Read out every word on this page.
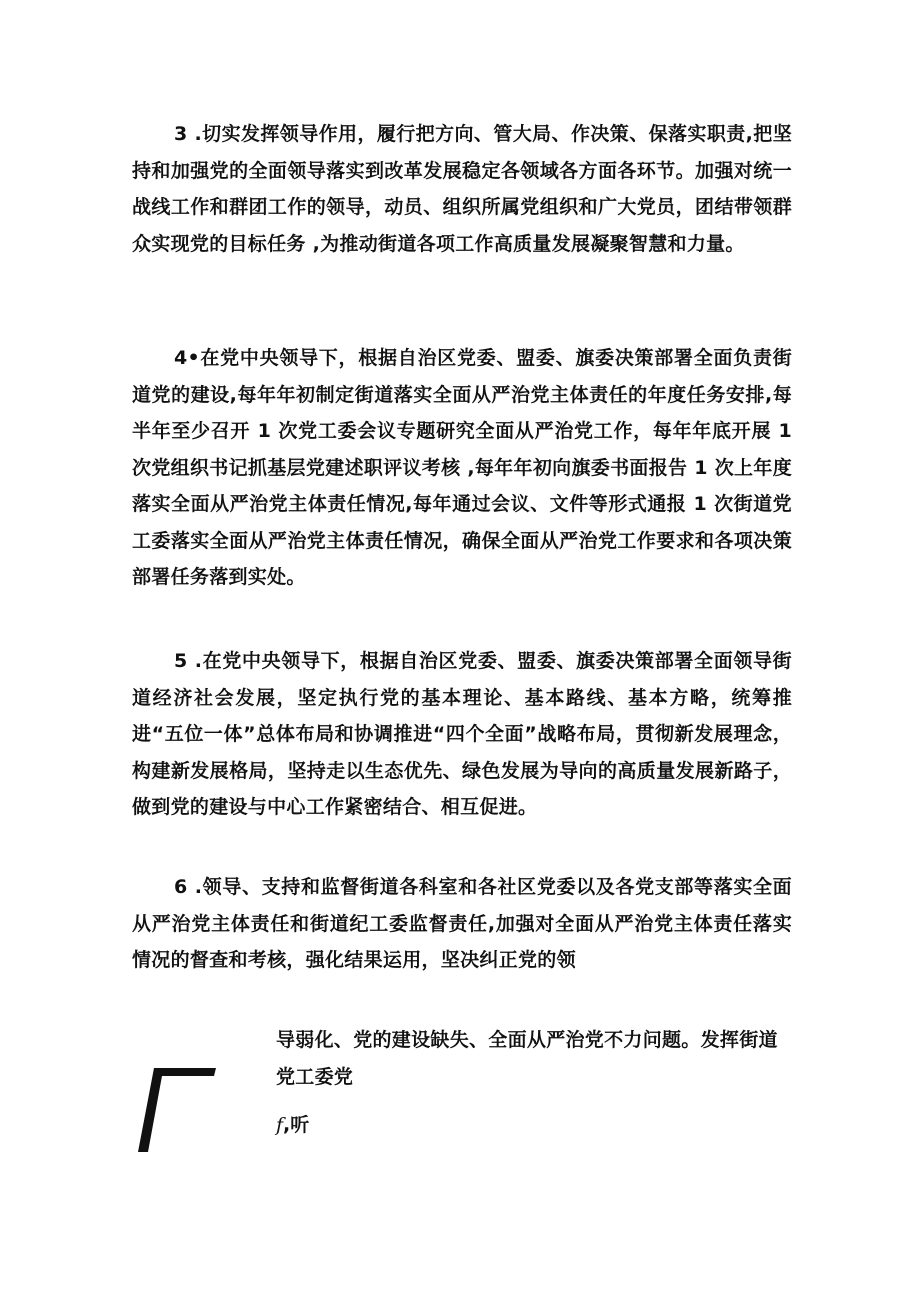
3 .切实发挥领导作用，履行把方向、管大局、作决策、保落实职责,把坚持和加强党的全面领导落实到改革发展稳定各领域各方面各环节。加强对统一战线工作和群团工作的领导，动员、组织所属党组织和广大党员，团结带领群众实现党的目标任务 ,为推动街道各项工作高质量发展凝聚智慧和力量。

4•在党中央领导下，根据自治区党委、盟委、旗委决策部署全面负责街道党的建设,每年年初制定街道落实全面从严治党主体责任的年度任务安排,每半年至少召开 1 次党工委会议专题研究全面从严治党工作，每年年底开展 1 次党组织书记抓基层党建述职评议考核 ,每年年初向旗委书面报告 1 次上年度落实全面从严治党主体责任情况,每年通过会议、文件等形式通报 1 次街道党工委落实全面从严治党主体责任情况，确保全面从严治党工作要求和各项决策部署任务落到实处。

5 .在党中央领导下，根据自治区党委、盟委、旗委决策部署全面领导街道经济社会发展，坚定执行党的基本理论、基本路线、基本方略，统筹推进“五位一体”总体布局和协调推进“四个全面”战略布局，贯彻新发展理念，构建新发展格局，坚持走以生态优先、绿色发展为导向的高质量发展新路子，做到党的建设与中心工作紧密结合、相互促进。

6 .领导、支持和监督街道各科室和各社区党委以及各党支部等落实全面从严治党主体责任和街道纪工委监督责任,加强对全面从严治党主体责任落实情况的督查和考核，强化结果运用，坚决纠正党的领

导弱化、党的建设缺失、全面从严治党不力问题。发挥街道党工委党

f,听
